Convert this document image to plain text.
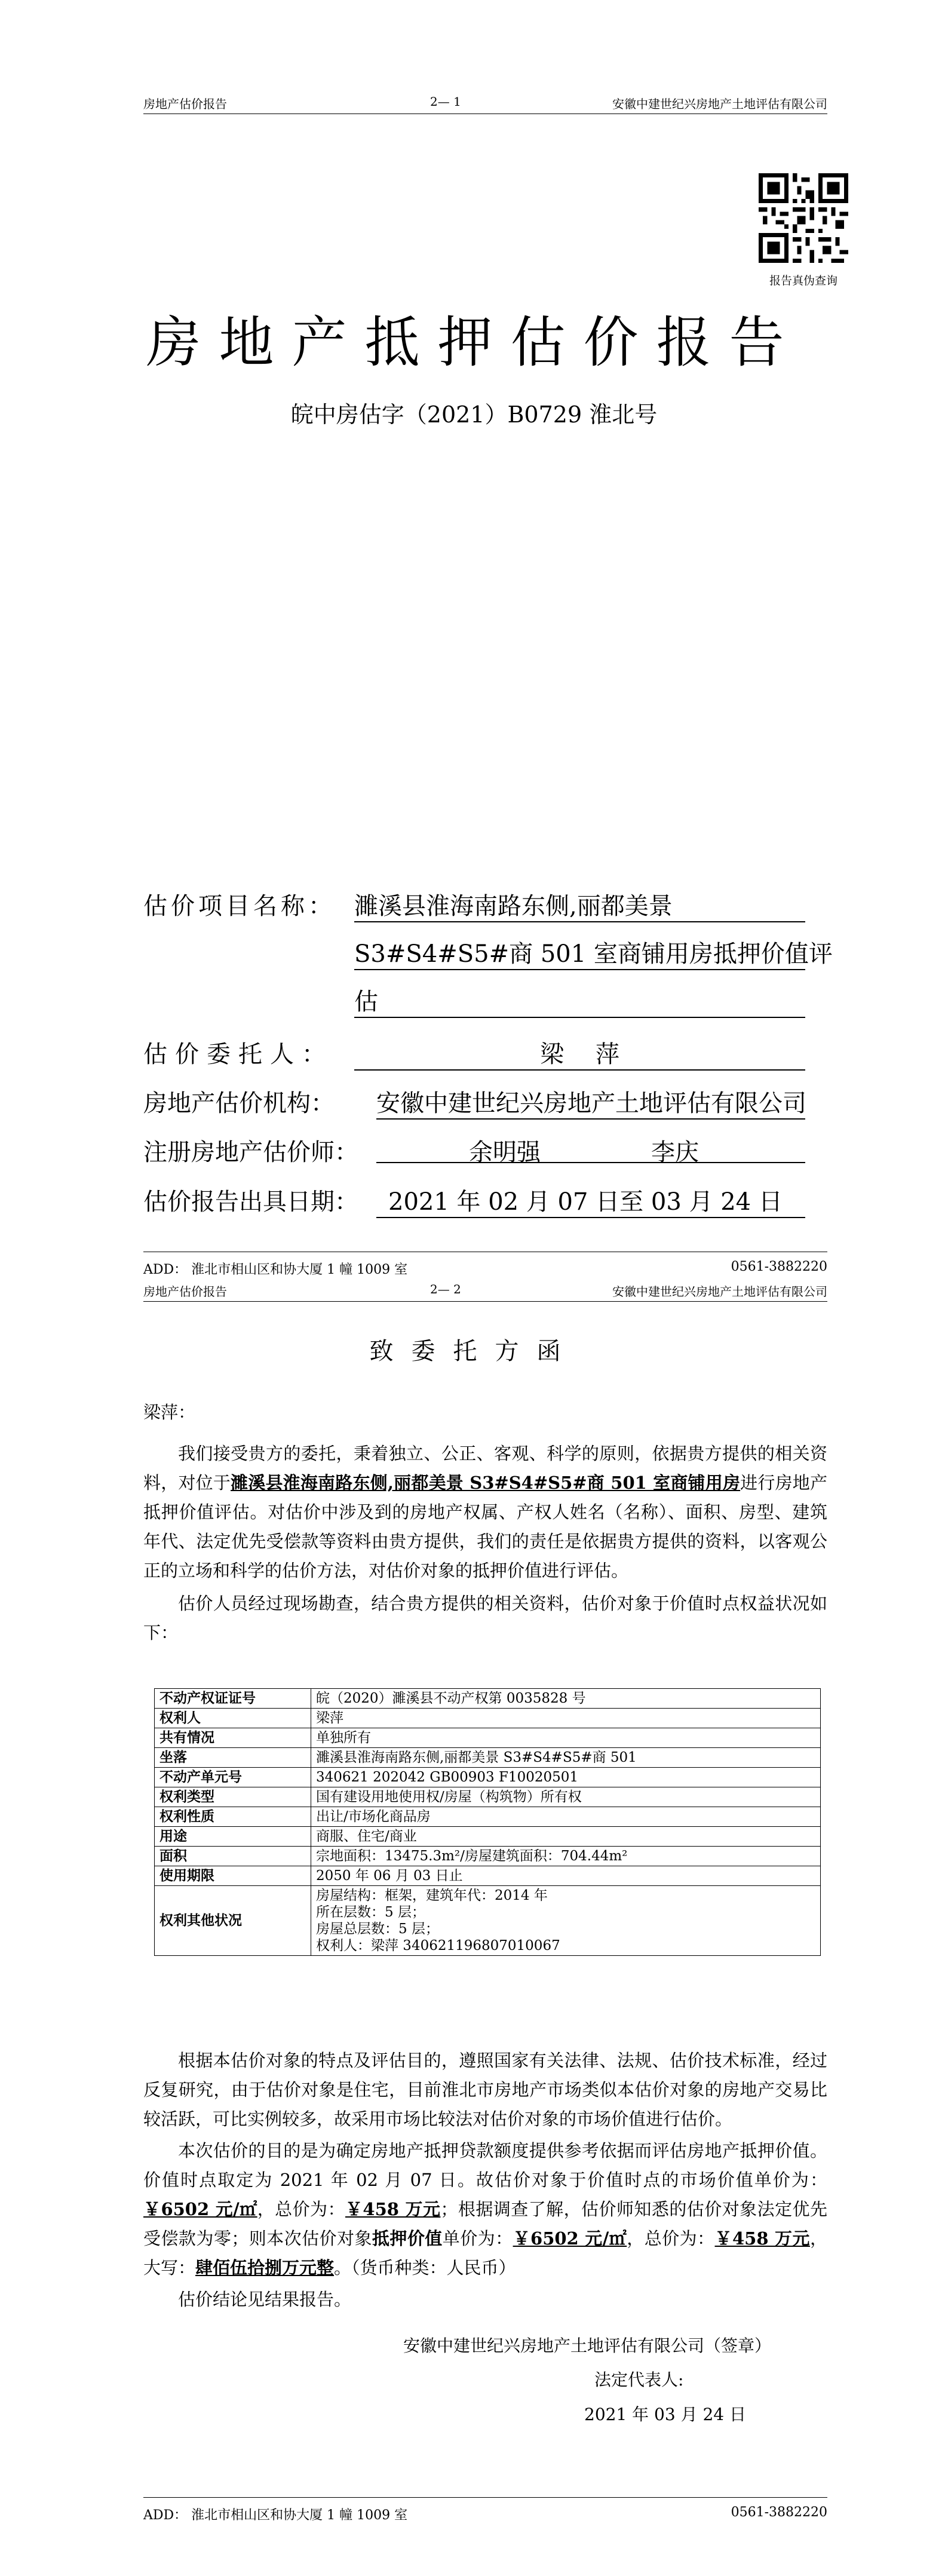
房地产估价报告	2— 1	安徽中建世纪兴房地产土地评估有限公司
报告真伪查询
房地产抵押估价报告
皖中房估字（2021）B0729 淮北号
估价项目名称： 濉溪县淮海南路东侧,丽都美景
S3#S4#S5#商 501 室商铺用房抵押价值评
估
估价委托人：	梁 萍
房地产估价机构： 安徽中建世纪兴房地产土地评估有限公司
注册房地产估价师：	余明强	李庆
估价报告出具日期：	2021 年 02 月 07 日至 03 月 24 日
ADD： 淮北市相山区和协大厦 1 幢 1009 室	0561-3882220
房地产估价报告	2— 2	安徽中建世纪兴房地产土地评估有限公司
致委托方函

梁萍：

我们接受贵方的委托，秉着独立、公正、客观、科学的原则，依据贵方提供的相关资料，对位于濉溪县淮海南路东侧,丽都美景 S3#S4#S5#商 501 室商铺用房进行房地产抵押价值评估。对估价中涉及到的房地产权属、产权人姓名（名称）、面积、房型、建筑年代、法定优先受偿款等资料由贵方提供，我们的责任是依据贵方提供的资料，以客观公正的立场和科学的估价方法，对估价对象的抵押价值进行评估。

估价人员经过现场勘查，结合贵方提供的相关资料，估价对象于价值时点权益状况如下：

不动产权证证号	皖（2020）濉溪县不动产权第 0035828 号

权利人	梁萍

共有情况	单独所有

坐落	濉溪县淮海南路东侧,丽都美景 S3#S4#S5#商 501

不动产单元号	340621 202042 GB00903 F10020501

权利类型	国有建设用地使用权/房屋（构筑物）所有权

权利性质	出让/市场化商品房

用途	商服、住宅/商业

面积	宗地面积：13475.3m²/房屋建筑面积：704.44m²

使用期限	2050 年 06 月 03 日止

权利其他状况	房屋结构：框架，建筑年代：2014 年
所在层数：5 层；
房屋总层数：5 层；
权利人：梁萍 340621196807010067

根据本估价对象的特点及评估目的，遵照国家有关法律、法规、估价技术标准，经过反复研究，由于估价对象是住宅，目前淮北市房地产市场类似本估价对象的房地产交易比较活跃，可比实例较多，故采用市场比较法对估价对象的市场价值进行估价。

本次估价的目的是为确定房地产抵押贷款额度提供参考依据而评估房地产抵押价值。价值时点取定为 2021 年 02 月 07 日。故估价对象于价值时点的市场价值单价为：￥6502 元/㎡，总价为：￥458 万元；根据调查了解，估价师知悉的估价对象法定优先受偿款为零；则本次估价对象抵押价值单价为：￥6502 元/㎡，总价为：￥458 万元，大写：肆佰伍拾捌万元整。（货币种类：人民币）

估价结论见结果报告。

安徽中建世纪兴房地产土地评估有限公司（签章）
法定代表人:
2021 年 03 月 24 日
ADD： 淮北市相山区和协大厦 1 幢 1009 室	0561-3882220
